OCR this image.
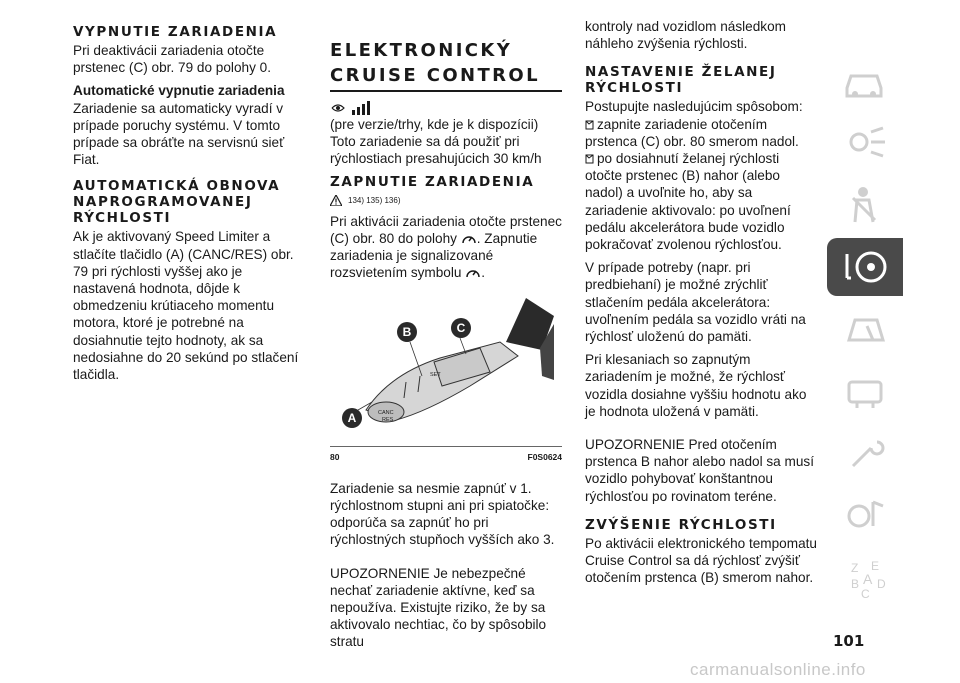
VYPNUTIE ZARIADENIA

Pri deaktivácii zariadenia otočte prstenec (C) obr. 79 do polohy 0.

Automatické vypnutie zariadenia

Zariadenie sa automaticky vyradí v prípade poruchy systému. V tomto prípade sa obráťte na servisnú sieť Fiat.

AUTOMATICKÁ OBNOVA NAPROGRAMOVANEJ RÝCHLOSTI

Ak je aktivovaný Speed Limiter a stlačíte tlačidlo (A) (CANC/RES) obr. 79 pri rýchlosti vyššej ako je nastavená hodnota, dôjde k obmedzeniu krútiaceho momentu motora, ktoré je potrebné na dosiahnutie tejto hodnoty, ak sa nedosiahne do 20 sekúnd po stlačení tlačidla.

ELEKTRONICKÝ
CRUISE CONTROL

(pre verzie/trhy, kde je k dispozícii)

Toto zariadenie sa dá použiť pri rýchlostiach presahujúcich 30 km/h

ZAPNUTIE ZARIADENIA
134) 135) 136)

Pri aktivácii zariadenia otočte prstenec (C) obr. 80 do polohy . Zapnutie zariadenia je signalizované rozsvietením symbolu .

B	C
A	CANC
RES
SET
80	F0S0624

Zariadenie sa nesmie zapnúť v 1. rýchlostnom stupni ani pri spiatočke: odporúča sa zapnúť ho pri rýchlostných stupňoch vyšších ako 3.

UPOZORNENIE Je nebezpečné nechať zariadenie aktívne, keď sa nepoužíva. Existujte riziko, že by sa aktivovalo nechtiac, čo by spôsobilo stratu

kontroly nad vozidlom následkom náhleho zvýšenia rýchlosti.

NASTAVENIE ŽELANEJ RÝCHLOSTI

Postupujte nasledujúcim spôsobom:

zapnite zariadenie otočením prstenca (C) obr. 80 smerom nadol.

po dosiahnutí želanej rýchlosti otočte prstenec (B) nahor (alebo nadol) a uvoľnite ho, aby sa zariadenie aktivovalo: po uvoľnení pedálu akcelerátora bude vozidlo pokračovať zvolenou rýchlosťou.

V prípade potreby (napr. pri predbiehaní) je možné zrýchliť stlačením pedála akcelerátora: uvoľnením pedála sa vozidlo vráti na rýchlosť uloženú do pamäti.

Pri klesaniach so zapnutým zariadením je možné, že rýchlosť vozidla dosiahne vyššiu hodnotu ako je hodnota uložená v pamäti.

UPOZORNENIE Pred otočením prstenca B nahor alebo nadol sa musí vozidlo pohybovať konštantnou rýchlosťou po rovinatom teréne.

ZVÝŠENIE RÝCHLOSTI

Po aktivácii elektronického tempomatu Cruise Control sa dá rýchlosť zvýšiť otočením prstenca (B) smerom nahor.

Z E
B A D
C
101
carmanualsonline.info
